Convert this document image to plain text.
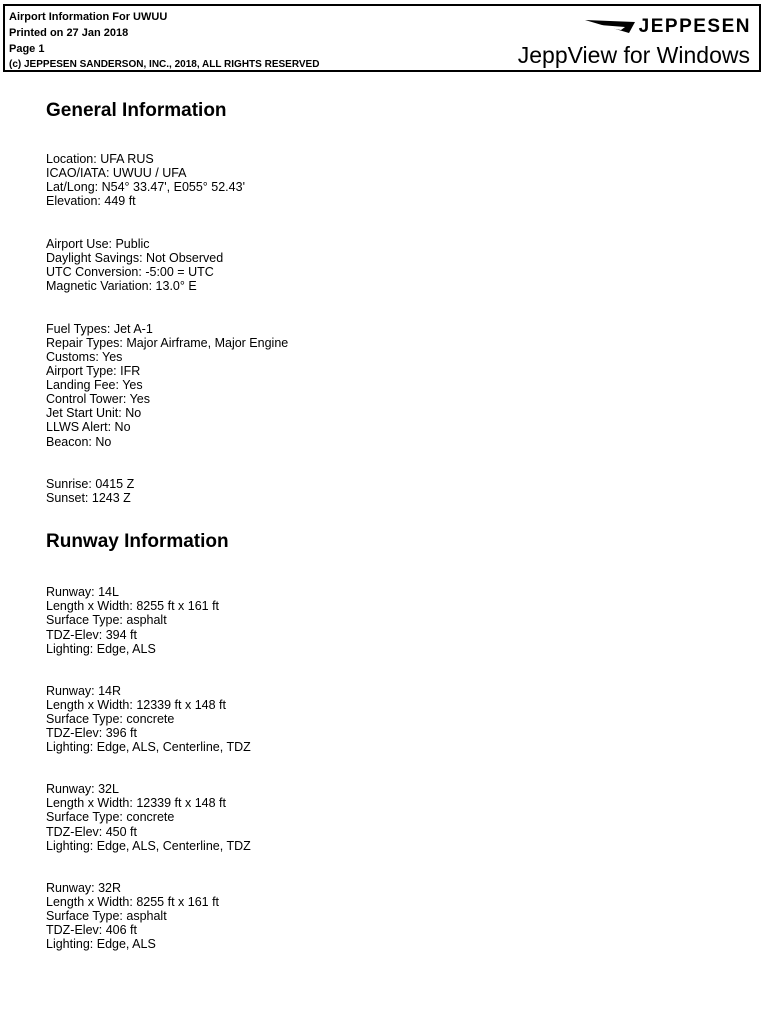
Airport Information For UWUU
Printed on 27 Jan 2018
Page 1
(c) JEPPESEN SANDERSON, INC., 2018, ALL RIGHTS RESERVED
JEPPESEN
JeppView for Windows
General Information
Location: UFA RUS
ICAO/IATA: UWUU / UFA
Lat/Long: N54° 33.47', E055° 52.43'
Elevation: 449 ft
Airport Use: Public
Daylight Savings: Not Observed
UTC Conversion: -5:00 = UTC
Magnetic Variation: 13.0° E
Fuel Types: Jet A-1
Repair Types: Major Airframe, Major Engine
Customs: Yes
Airport Type: IFR
Landing Fee: Yes
Control Tower: Yes
Jet Start Unit: No
LLWS Alert: No
Beacon: No
Sunrise: 0415 Z
Sunset: 1243 Z
Runway Information
Runway: 14L
Length x Width: 8255 ft x 161 ft
Surface Type: asphalt
TDZ-Elev: 394 ft
Lighting: Edge, ALS
Runway: 14R
Length x Width: 12339 ft x 148 ft
Surface Type: concrete
TDZ-Elev: 396 ft
Lighting: Edge, ALS, Centerline, TDZ
Runway: 32L
Length x Width: 12339 ft x 148 ft
Surface Type: concrete
TDZ-Elev: 450 ft
Lighting: Edge, ALS, Centerline, TDZ
Runway: 32R
Length x Width: 8255 ft x 161 ft
Surface Type: asphalt
TDZ-Elev: 406 ft
Lighting: Edge, ALS
